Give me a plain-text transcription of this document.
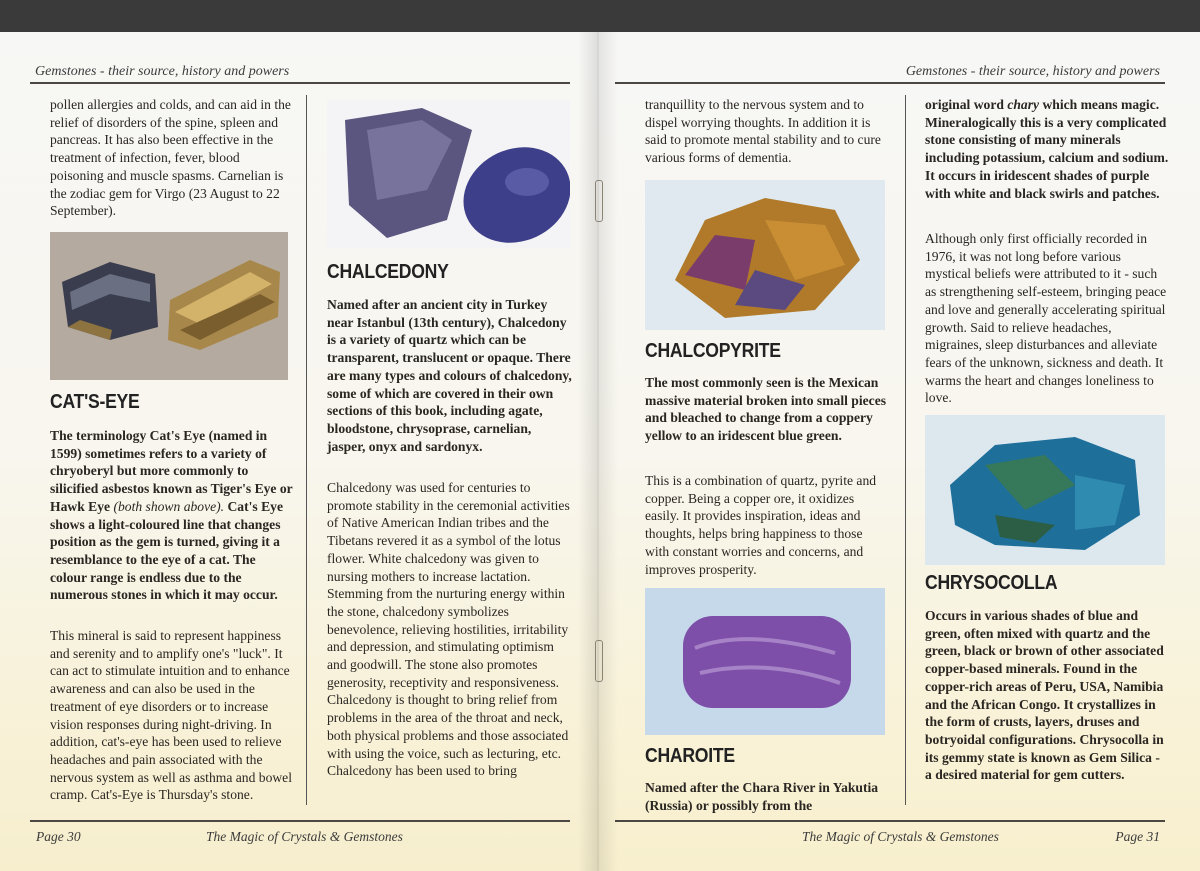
Gemstones - their source, history and powers

pollen allergies and colds, and can aid in the relief of disorders of the spine, spleen and pancreas. It has also been effective in the treatment of infection, fever, blood poisoning and muscle spasms. Carnelian is the zodiac gem for Virgo (23 August to 22 September).

CAT'S-EYE

The terminology Cat's Eye (named in 1599) sometimes refers to a variety of chryoberyl but more commonly to silicified asbestos known as Tiger's Eye or Hawk Eye (both shown above). Cat's Eye shows a light-coloured line that changes position as the gem is turned, giving it a resemblance to the eye of a cat. The colour range is endless due to the numerous stones in which it may occur.

This mineral is said to represent happiness and serenity and to amplify one's "luck". It can act to stimulate intuition and to enhance awareness and can also be used in the treatment of eye disorders or to increase vision responses during night-driving. In addition, cat's-eye has been used to relieve headaches and pain associated with the nervous system as well as asthma and bowel cramp. Cat's-Eye is Thursday's stone.

CHALCEDONY

Named after an ancient city in Turkey near Istanbul (13th century), Chalcedony is a variety of quartz which can be transparent, translucent or opaque. There are many types and colours of chalcedony, some of which are covered in their own sections of this book, including agate, bloodstone, chrysoprase, carnelian, jasper, onyx and sardonyx.

Chalcedony was used for centuries to promote stability in the ceremonial activities of Native American Indian tribes and the Tibetans revered it as a symbol of the lotus flower. White chalcedony was given to nursing mothers to increase lactation. Stemming from the nurturing energy within the stone, chalcedony symbolizes benevolence, relieving hostilities, irritability and depression, and stimulating optimism and goodwill. The stone also promotes generosity, receptivity and responsiveness. Chalcedony is thought to bring relief from problems in the area of the throat and neck, both physical problems and those associated with using the voice, such as lecturing, etc. Chalcedony has been used to bring

Page 30	The Magic of Crystals & Gemstones
Gemstones - their source, history and powers

tranquillity to the nervous system and to dispel worrying thoughts. In addition it is said to promote mental stability and to cure various forms of dementia.

CHALCOPYRITE

The most commonly seen is the Mexican massive material broken into small pieces and bleached to change from a coppery yellow to an iridescent blue green.

This is a combination of quartz, pyrite and copper. Being a copper ore, it oxidizes easily. It provides inspiration, ideas and thoughts, helps bring happiness to those with constant worries and concerns, and improves prosperity.

CHAROITE

Named after the Chara River in Yakutia (Russia) or possibly from the

original word chary which means magic. Mineralogically this is a very complicated stone consisting of many minerals including potassium, calcium and sodium. It occurs in iridescent shades of purple with white and black swirls and patches.

Although only first officially recorded in 1976, it was not long before various mystical beliefs were attributed to it - such as strengthening self-esteem, bringing peace and love and generally accelerating spiritual growth. Said to relieve headaches, migraines, sleep disturbances and alleviate fears of the unknown, sickness and death. It warms the heart and changes loneliness to love.

CHRYSOCOLLA

Occurs in various shades of blue and green, often mixed with quartz and the green, black or brown of other associated copper-based minerals. Found in the copper-rich areas of Peru, USA, Namibia and the African Congo. It crystallizes in the form of crusts, layers, druses and botryoidal configurations. Chrysocolla in its gemmy state is known as Gem Silica - a desired material for gem cutters.

The Magic of Crystals & Gemstones	Page 31
